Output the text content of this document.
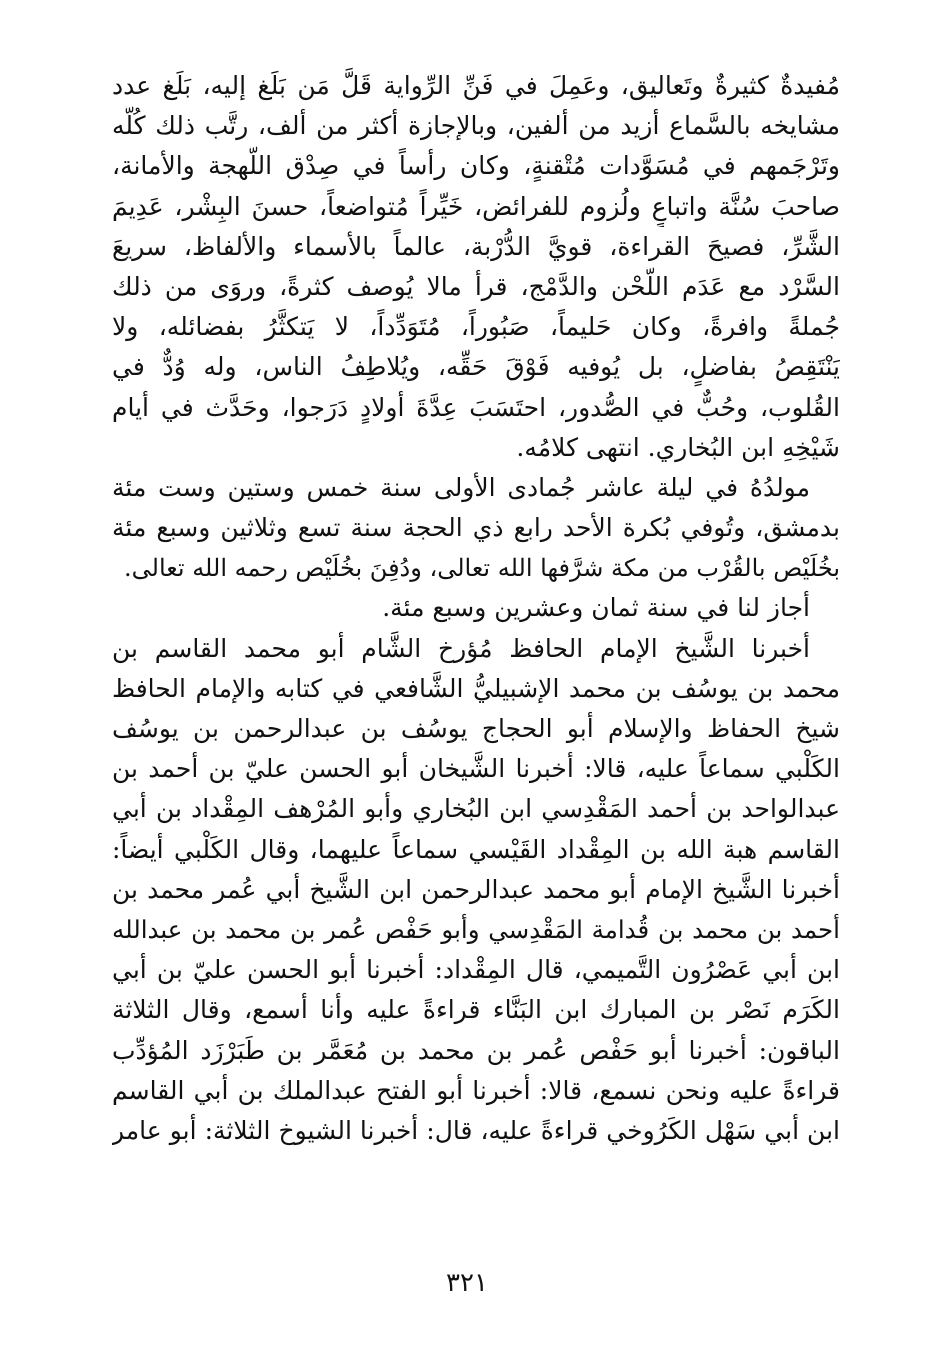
مُفيدةٌ كثيرةٌ وتَعاليق، وعَمِلَ في فَنِّ الرِّواية قَلَّ مَن بَلَغ إليه، بَلَغ عدد
مشايخه بالسَّماع أزيد من ألفين، وبالإجازة أكثر من ألف، رتَّب ذلك كُلَّه
وتَرْجَمهم في مُسَوَّدات مُتْقنةٍ، وكان رأساً في صِدْق اللَّهجة والأمانة،
صاحبَ سُنَّة واتباعٍ ولُزوم للفرائض، خَيِّراً مُتواضعاً، حسنَ البِشْر، عَدِيمَ
الشَّرِّ، فصيحَ القراءة، قويَّ الدُّرْبة، عالماً بالأسماء والألفاظ، سريعَ
السَّرْد مع عَدَم اللَّحْن والدَّمْج، قرأ مالا يُوصف كثرةً، وروَى من ذلك
جُملةً وافرةً، وكان حَليماً، صَبُوراً، مُتَوَدِّداً، لا يَتكثَّرُ بفضائله، ولا
يَنْتَقِصُ بفاضلٍ، بل يُوفيه فَوْقَ حَقِّه، ويُلاطِفُ الناس، وله وُدٌّ في
القُلوب، وحُبٌّ في الصُّدور، احتَسَبَ عِدَّةَ أولادٍ دَرَجوا، وحَدَّث في أيام
شَيْخِهِ ابن البُخاري. انتهى كلامُه.
مولدُهُ في ليلة عاشر جُمادى الأولى سنة خمس وستين وست مئة
بدمشق، وتُوفي بُكرة الأحد رابع ذي الحجة سنة تسع وثلاثين وسبع مئة
بخُلَيْص بالقُرْب من مكة شرَّفها الله تعالى، ودُفِنَ بخُلَيْص رحمه الله تعالى.
أجاز لنا في سنة ثمان وعشرين وسبع مئة.
أخبرنا الشَّيخ الإمام الحافظ مُؤرخ الشَّام أبو محمد القاسم بن
محمد بن يوسُف بن محمد الإشبيليُّ الشَّافعي في كتابه والإمام الحافظ
شيخ الحفاظ والإسلام أبو الحجاج يوسُف بن عبدالرحمن بن يوسُف
الكَلْبي سماعاً عليه، قالا: أخبرنا الشَّيخان أبو الحسن عليّ بن أحمد بن
عبدالواحد بن أحمد المَقْدِسي ابن البُخاري وأبو المُرْهف المِقْداد بن أبي
القاسم هبة الله بن المِقْداد القَيْسي سماعاً عليهما، وقال الكَلْبي أيضاً:
أخبرنا الشَّيخ الإمام أبو محمد عبدالرحمن ابن الشَّيخ أبي عُمر محمد بن
أحمد بن محمد بن قُدامة المَقْدِسي وأبو حَفْص عُمر بن محمد بن عبدالله
ابن أبي عَصْرُون التَّميمي، قال المِقْداد: أخبرنا أبو الحسن عليّ بن أبي
الكَرَم نَصْر بن المبارك ابن البَنَّاء قراءةً عليه وأنا أسمع، وقال الثلاثة
الباقون: أخبرنا أبو حَفْص عُمر بن محمد بن مُعَمَّر بن طَبَرْزَد المُؤدِّب
قراءةً عليه ونحن نسمع، قالا: أخبرنا أبو الفتح عبدالملك بن أبي القاسم
ابن أبي سَهْل الكَرُوخي قراءةً عليه، قال: أخبرنا الشيوخ الثلاثة: أبو عامر
٣٢١
